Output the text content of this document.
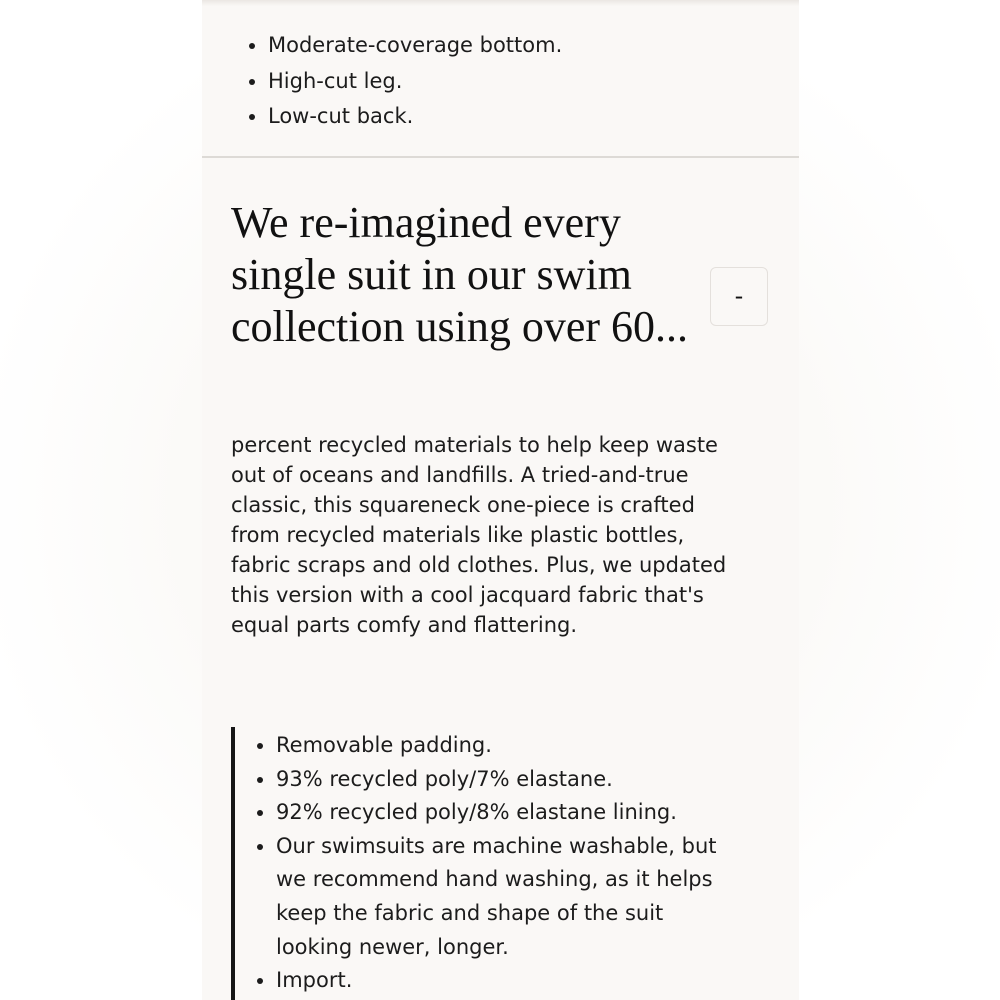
• Moderate-coverage bottom.
• High-cut leg.
• Low-cut back.
We re-imagined every single suit in our swim collection using over 60...
-

percent recycled materials to help keep waste out of oceans and landfills. A tried-and-true classic, this squareneck one-piece is crafted from recycled materials like plastic bottles, fabric scraps and old clothes. Plus, we updated this version with a cool jacquard fabric that's equal parts comfy and flattering.

• Removable padding.
• 93% recycled poly/7% elastane.
• 92% recycled poly/8% elastane lining.
• Our swimsuits are machine washable, but we recommend hand washing, as it helps keep the fabric and shape of the suit looking newer, longer.
• Import.
